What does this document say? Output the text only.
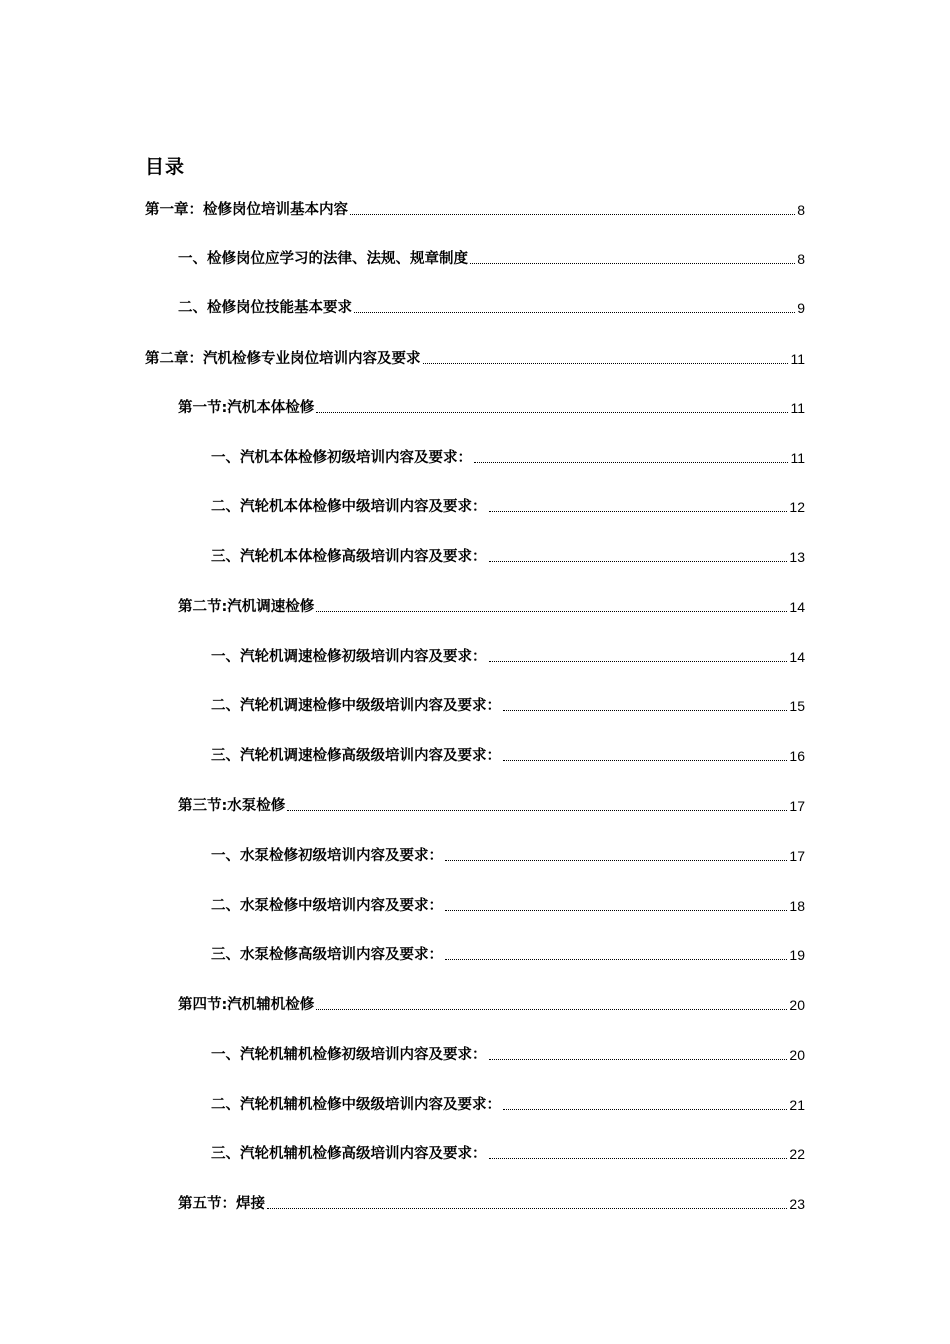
目录
第一章：检修岗位培训基本内容	8
一、检修岗位应学习的法律、法规、规章制度	8
二、检修岗位技能基本要求	9
第二章：汽机检修专业岗位培训内容及要求	11
第一节:汽机本体检修	11
一、汽机本体检修初级培训内容及要求：	11
二、汽轮机本体检修中级培训内容及要求：	12
三、汽轮机本体检修高级培训内容及要求：	13
第二节:汽机调速检修	14
一、汽轮机调速检修初级培训内容及要求：	14
二、汽轮机调速检修中级级培训内容及要求：	15
三、汽轮机调速检修高级级培训内容及要求：	16
第三节:水泵检修	17
一、水泵检修初级培训内容及要求：	17
二、水泵检修中级培训内容及要求：	18
三、水泵检修高级培训内容及要求：	19
第四节:汽机辅机检修	20
一、汽轮机辅机检修初级培训内容及要求：	20
二、汽轮机辅机检修中级级培训内容及要求：	21
三、汽轮机辅机检修高级培训内容及要求：	22
第五节：焊接	23
